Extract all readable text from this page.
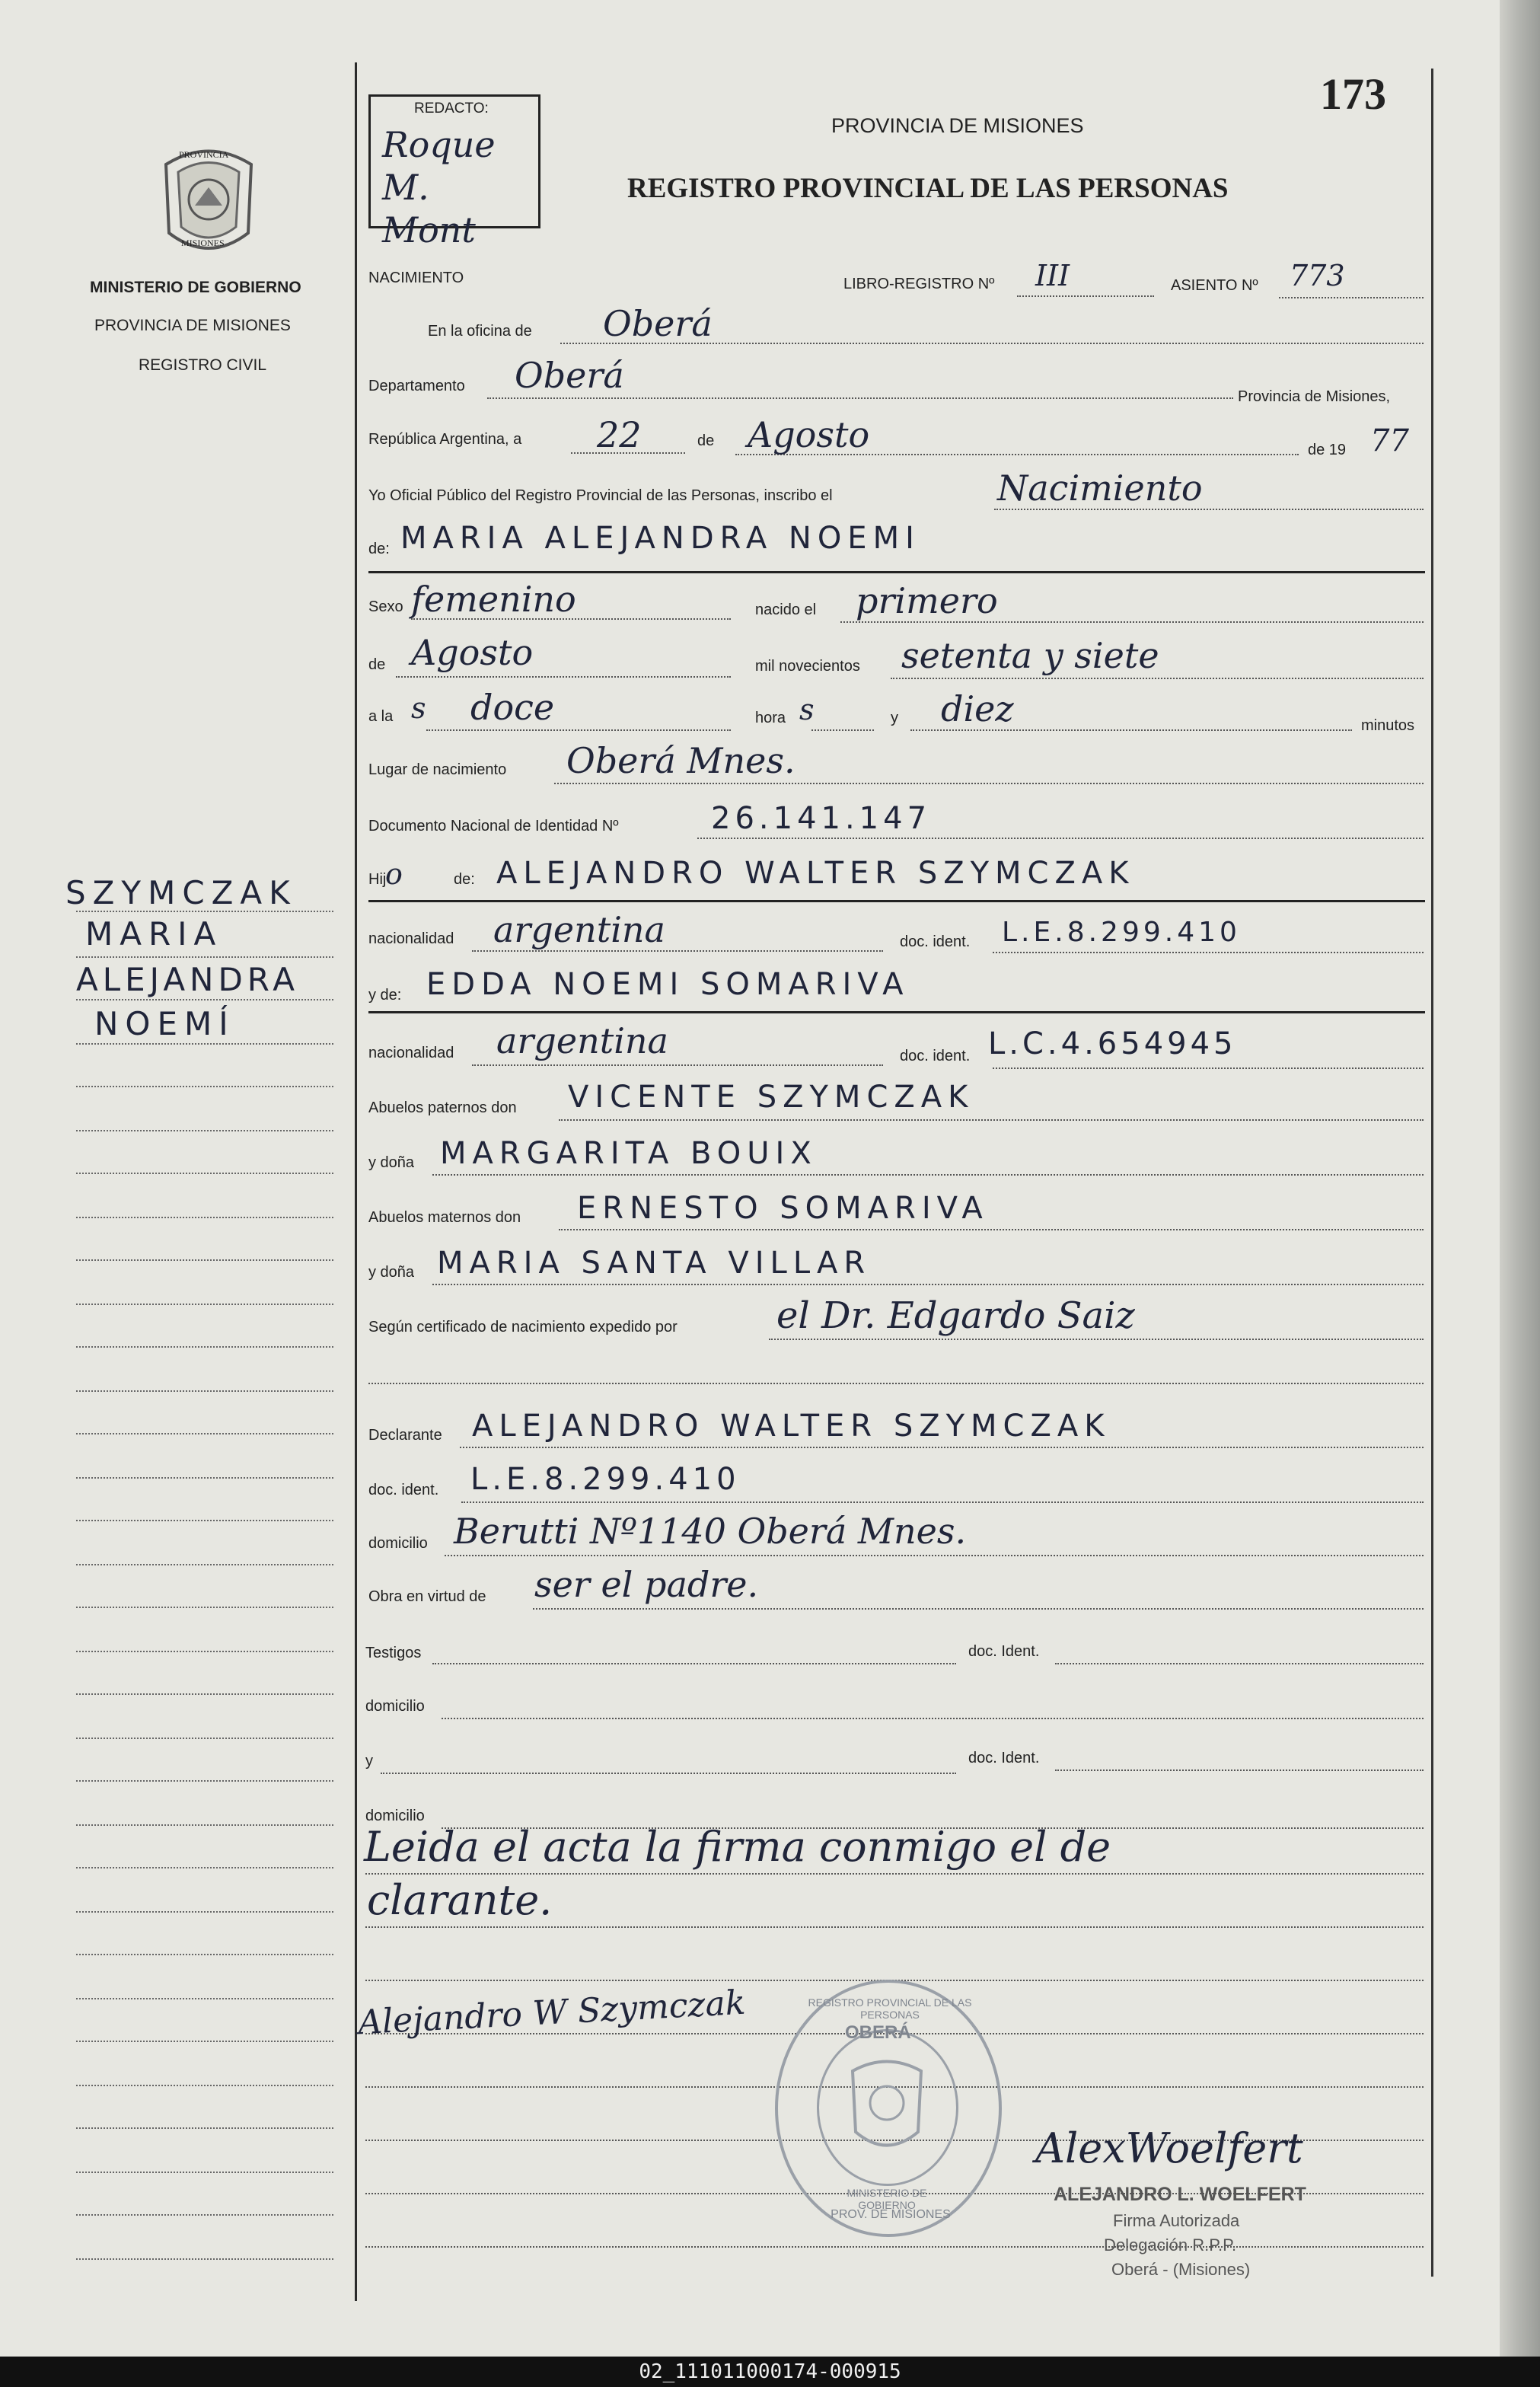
PROVINCIA
MISIONES
MINISTERIO DE GOBIERNO
PROVINCIA DE MISIONES
REGISTRO CIVIL
REDACTO:
Roque M. Mont
173
PROVINCIA DE MISIONES
REGISTRO PROVINCIAL DE LAS PERSONAS
NACIMIENTO	LIBRO-REGISTRO Nº III	ASIENTO Nº 773
En la oficina de Oberá
Departamento Oberá
Provincia de Misiones,
República Argentina, a 22	de Agosto	de 19 77
Yo Oficial Público del Registro Provincial de las Personas, inscribo el	Nacimiento
de: MARIA ALEJANDRA NOEMI
Sexo femenino	nacido el primero
de Agosto	mil novecientos setenta y siete
a la s doce	hora s	y diez	minutos
Lugar de nacimiento Oberá Mnes.
Documento Nacional de Identidad Nº	26.141.147
Hij
o	de: ALEJANDRO WALTER SZYMCZAK
nacionalidad argentina	doc. ident. L.E.8.299.410
y de: EDDA NOEMI SOMARIVA
nacionalidad argentina	doc. ident. L.C.4.654945
Abuelos paternos don VICENTE SZYMCZAK
y doña MARGARITA BOUIX
Abuelos maternos don ERNESTO SOMARIVA
y doña MARIA SANTA VILLAR
Según certificado de nacimiento expedido por	el Dr. Edgardo Saiz
Declarante ALEJANDRO WALTER SZYMCZAK
doc. ident. L.E.8.299.410
domicilio Berutti Nº1140 Oberá Mnes.
Obra en virtud de ser el padre.
Testigos	doc. Ident.
domicilio
y	doc. Ident.
domicilio
Leida el acta la firma conmigo el de
clarante.
Alejandro W Szymczak	REGISTRO PROVINCIAL DE LAS PERSONAS
OBERÁ
MINISTERIO DE GOBIERNO
PROV. DE MISIONES
AlexWoelfert
ALEJANDRO L. WOELFERT
Firma Autorizada
Delegación R.P.P.
Oberá - (Misiones)
SZYMCZAK
MARIA
ALEJANDRA
NOEMÍ
02_111011000174-000915
